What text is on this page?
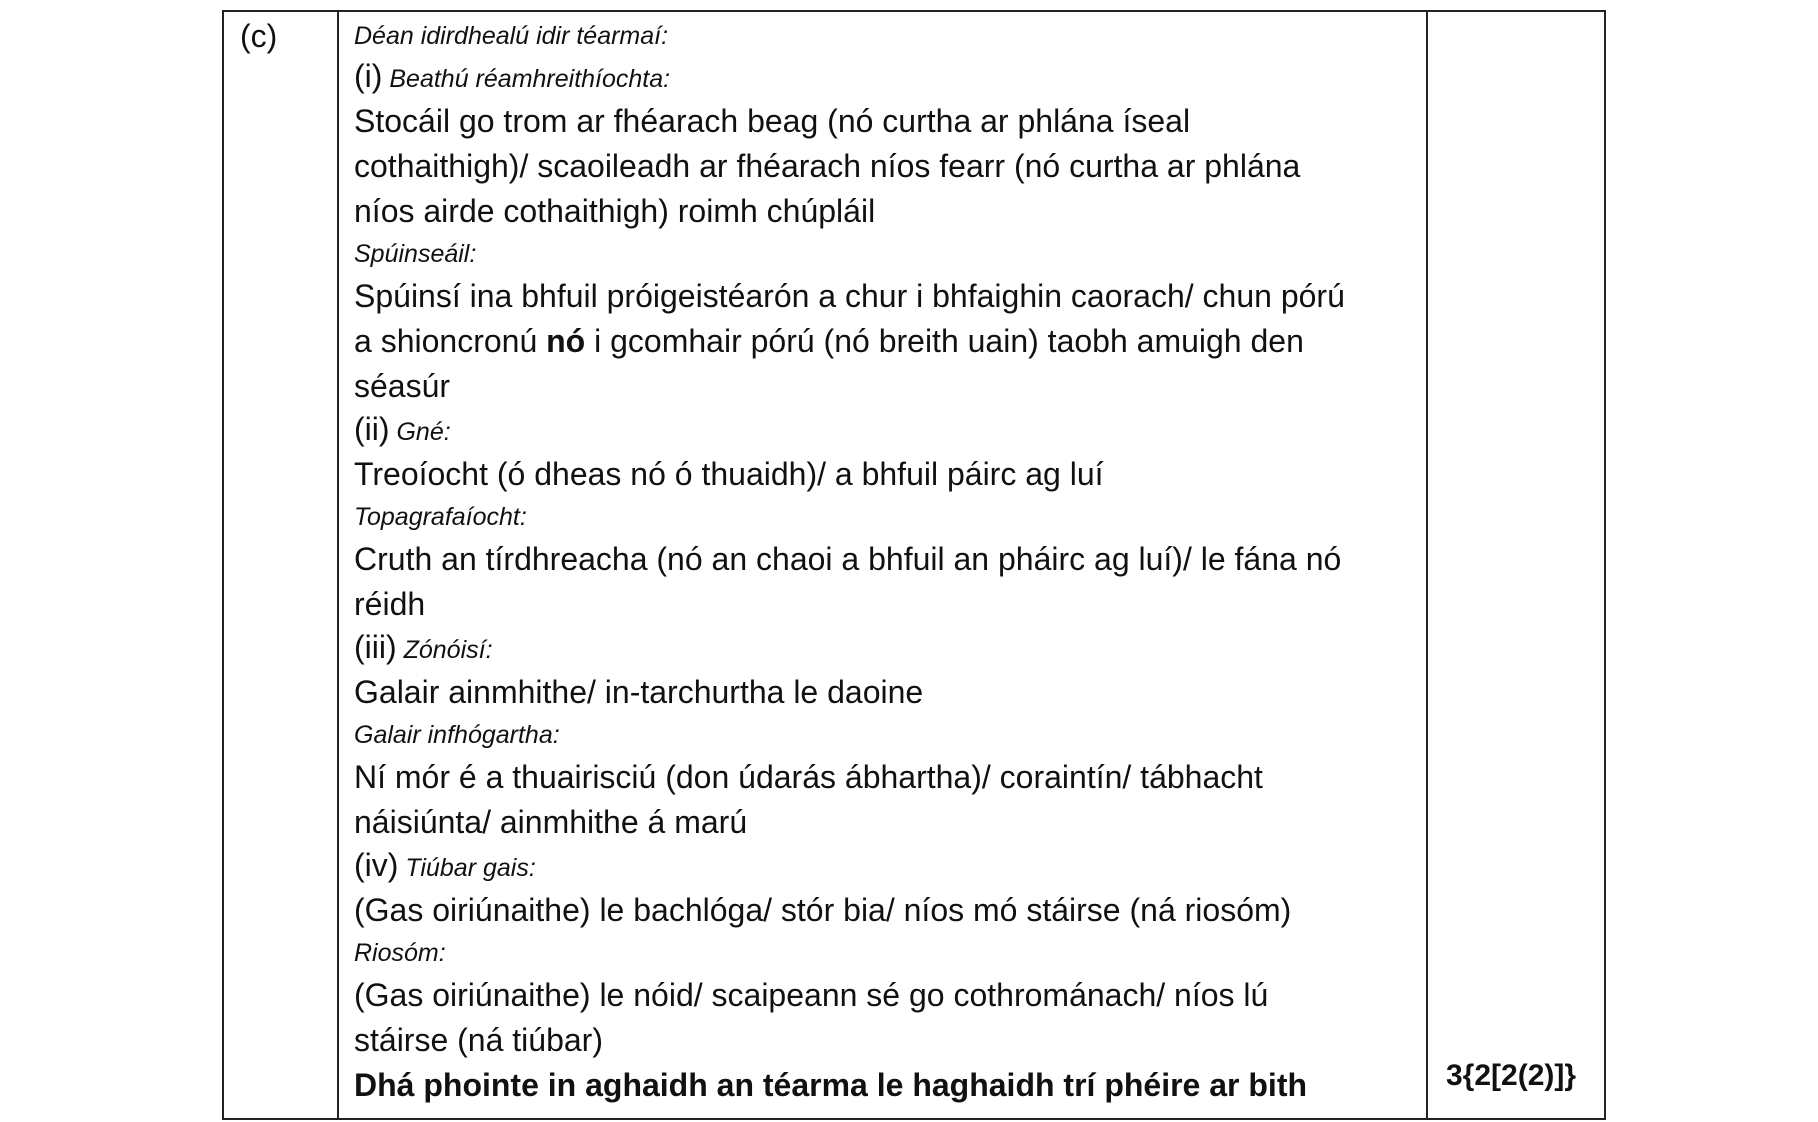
(c)	Déan idirdhealú idir téarmaí:
(i) Beathú réamhreithíochta:
Stocáil go trom ar fhéarach beag (nó curtha ar phlána íseal
cothaithigh)/ scaoileadh ar fhéarach níos fearr (nó curtha ar phlána
níos airde cothaithigh) roimh chúpláil
Spúinseáil:
Spúinsí ina bhfuil próigeistéarón a chur i bhfaighin caorach/ chun pórú
a shioncronú nó i gcomhair pórú (nó breith uain) taobh amuigh den
séasúr
(ii) Gné:
Treoíocht (ó dheas nó ó thuaidh)/ a bhfuil páirc ag luí
Topagrafaíocht:
Cruth an tírdhreacha (nó an chaoi a bhfuil an pháirc ag luí)/ le fána nó
réidh
(iii) Zónóisí:
Galair ainmhithe/ in-tarchurtha le daoine
Galair infhógartha:
Ní mór é a thuairisciú (don údarás ábhartha)/ coraintín/ tábhacht
náisiúnta/ ainmhithe á marú
(iv) Tiúbar gais:
(Gas oiriúnaithe) le bachlóga/ stór bia/ níos mó stáirse (ná riosóm)
Riosóm:
(Gas oiriúnaithe) le nóid/ scaipeann sé go cothrománach/ níos lú
stáirse (ná tiúbar)
Dhá phointe in aghaidh an téarma le haghaidh trí phéire ar bith	3{2[2(2)]}
